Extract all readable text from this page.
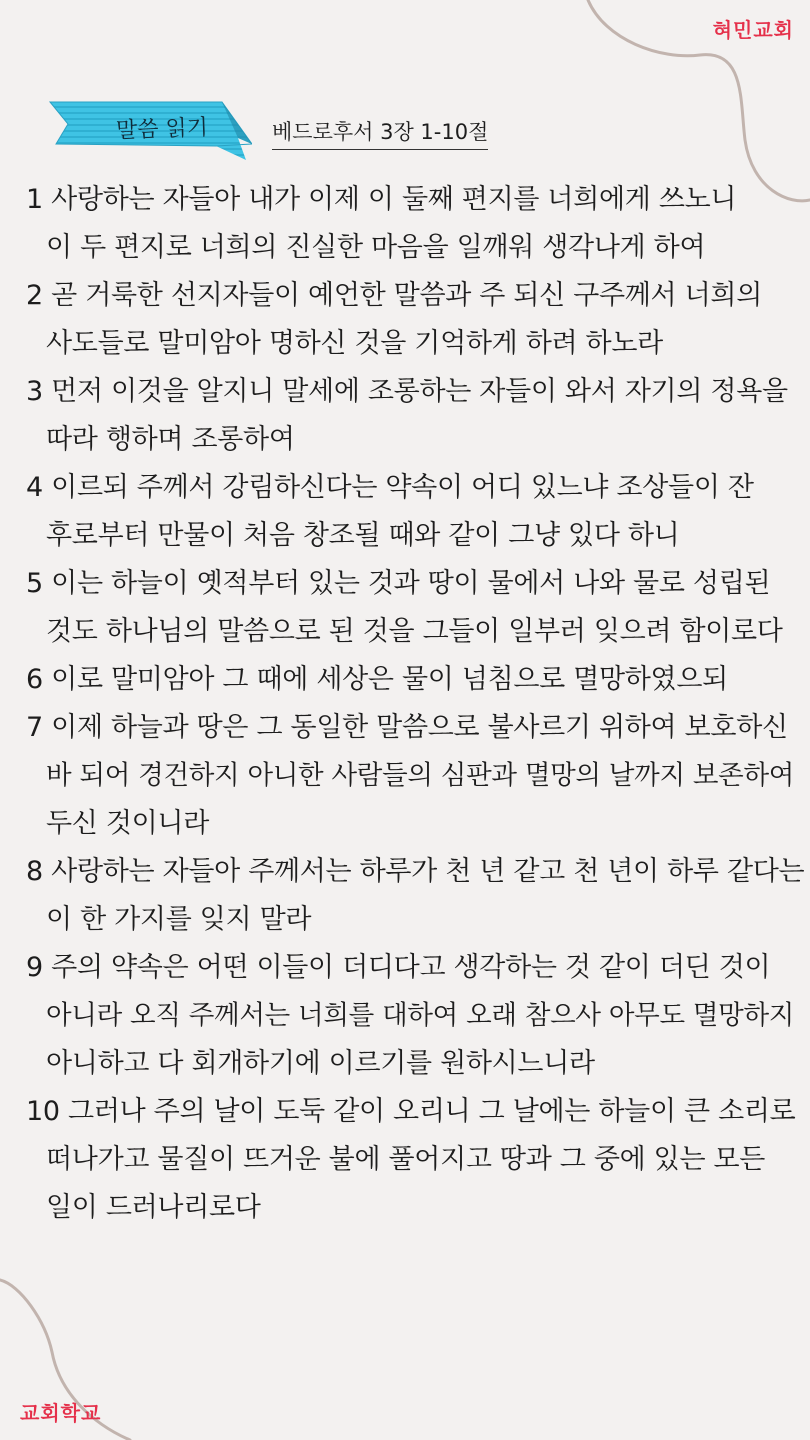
혀민교회
말씀 읽기	베드로후서 3장 1-10절
1 사랑하는 자들아 내가 이제 이 둘째 편지를 너희에게 쓰노니
이 두 편지로 너희의 진실한 마음을 일깨워 생각나게 하여
2 곧 거룩한 선지자들이 예언한 말씀과 주 되신 구주께서 너희의
사도들로 말미암아 명하신 것을 기억하게 하려 하노라
3 먼저 이것을 알지니 말세에 조롱하는 자들이 와서 자기의 정욕을
따라 행하며 조롱하여
4 이르되 주께서 강림하신다는 약속이 어디 있느냐 조상들이 잔
후로부터 만물이 처음 창조될 때와 같이 그냥 있다 하니
5 이는 하늘이 옛적부터 있는 것과 땅이 물에서 나와 물로 성립된
것도 하나님의 말씀으로 된 것을 그들이 일부러 잊으려 함이로다
6 이로 말미암아 그 때에 세상은 물이 넘침으로 멸망하였으되
7 이제 하늘과 땅은 그 동일한 말씀으로 불사르기 위하여 보호하신
바 되어 경건하지 아니한 사람들의 심판과 멸망의 날까지 보존하여
두신 것이니라
8 사랑하는 자들아 주께서는 하루가 천 년 같고 천 년이 하루 같다는
이 한 가지를 잊지 말라
9 주의 약속은 어떤 이들이 더디다고 생각하는 것 같이 더딘 것이
아니라 오직 주께서는 너희를 대하여 오래 참으사 아무도 멸망하지
아니하고 다 회개하기에 이르기를 원하시느니라
10 그러나 주의 날이 도둑 같이 오리니 그 날에는 하늘이 큰 소리로
떠나가고 물질이 뜨거운 불에 풀어지고 땅과 그 중에 있는 모든
일이 드러나리로다
교회학교
